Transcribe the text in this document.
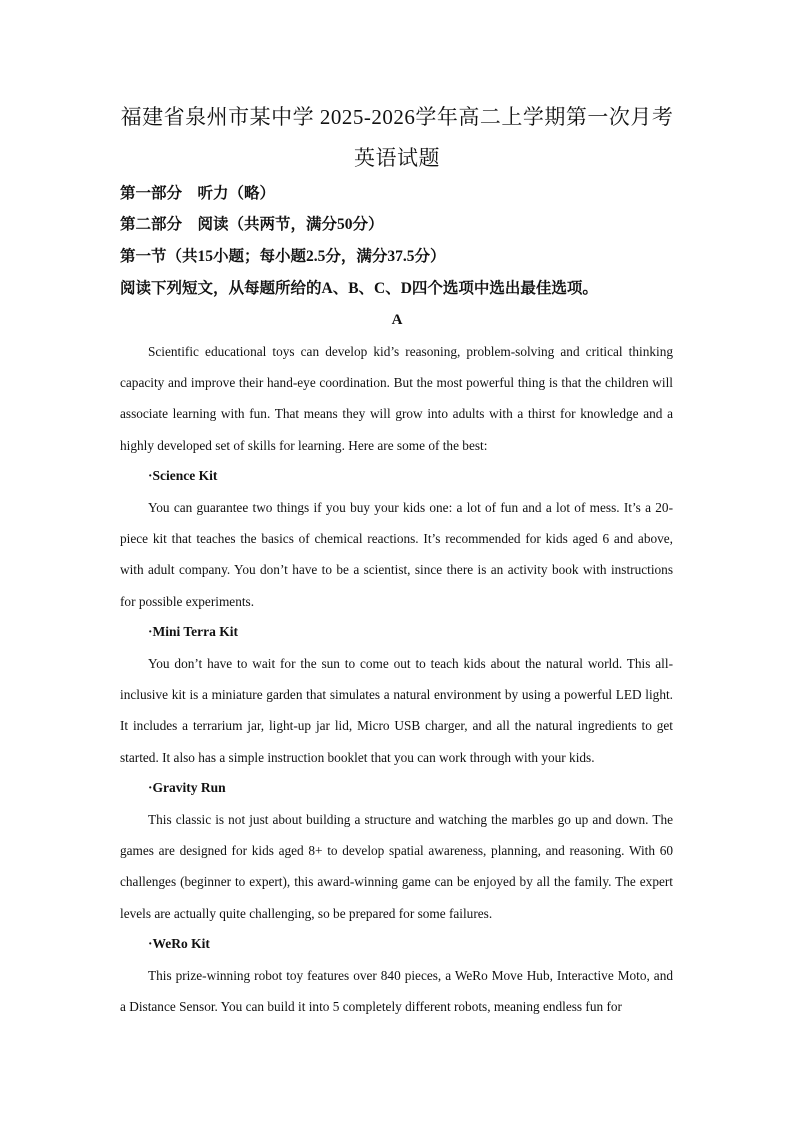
福建省泉州市某中学 2025-2026学年高二上学期第一次月考
英语试题
第一部分　听力（略）
第二部分　阅读（共两节，满分50分）
第一节（共15小题；每小题2.5分，满分37.5分）
阅读下列短文，从每题所给的A、B、C、D四个选项中选出最佳选项。
A

Scientific educational toys can develop kid’s reasoning, problem-solving and critical thinking capacity and improve their hand-eye coordination. But the most powerful thing is that the children will associate learning with fun. That means they will grow into adults with a thirst for knowledge and a highly developed set of skills for learning. Here are some of the best:

·Science Kit

You can guarantee two things if you buy your kids one: a lot of fun and a lot of mess. It’s a 20-piece kit that teaches the basics of chemical reactions. It’s recommended for kids aged 6 and above, with adult company. You don’t have to be a scientist, since there is an activity book with instructions for possible experiments.

·Mini Terra Kit

You don’t have to wait for the sun to come out to teach kids about the natural world. This all-inclusive kit is a miniature garden that simulates a natural environment by using a powerful LED light. It includes a terrarium jar, light-up jar lid, Micro USB charger, and all the natural ingredients to get started. It also has a simple instruction booklet that you can work through with your kids.

·Gravity Run

This classic is not just about building a structure and watching the marbles go up and down. The games are designed for kids aged 8+ to develop spatial awareness, planning, and reasoning. With 60 challenges (beginner to expert), this award-winning game can be enjoyed by all the family. The expert levels are actually quite challenging, so be prepared for some failures.

·WeRo Kit

This prize-winning robot toy features over 840 pieces, a WeRo Move Hub, Interactive Moto, and a Distance Sensor. You can build it into 5 completely different robots, meaning endless fun for
